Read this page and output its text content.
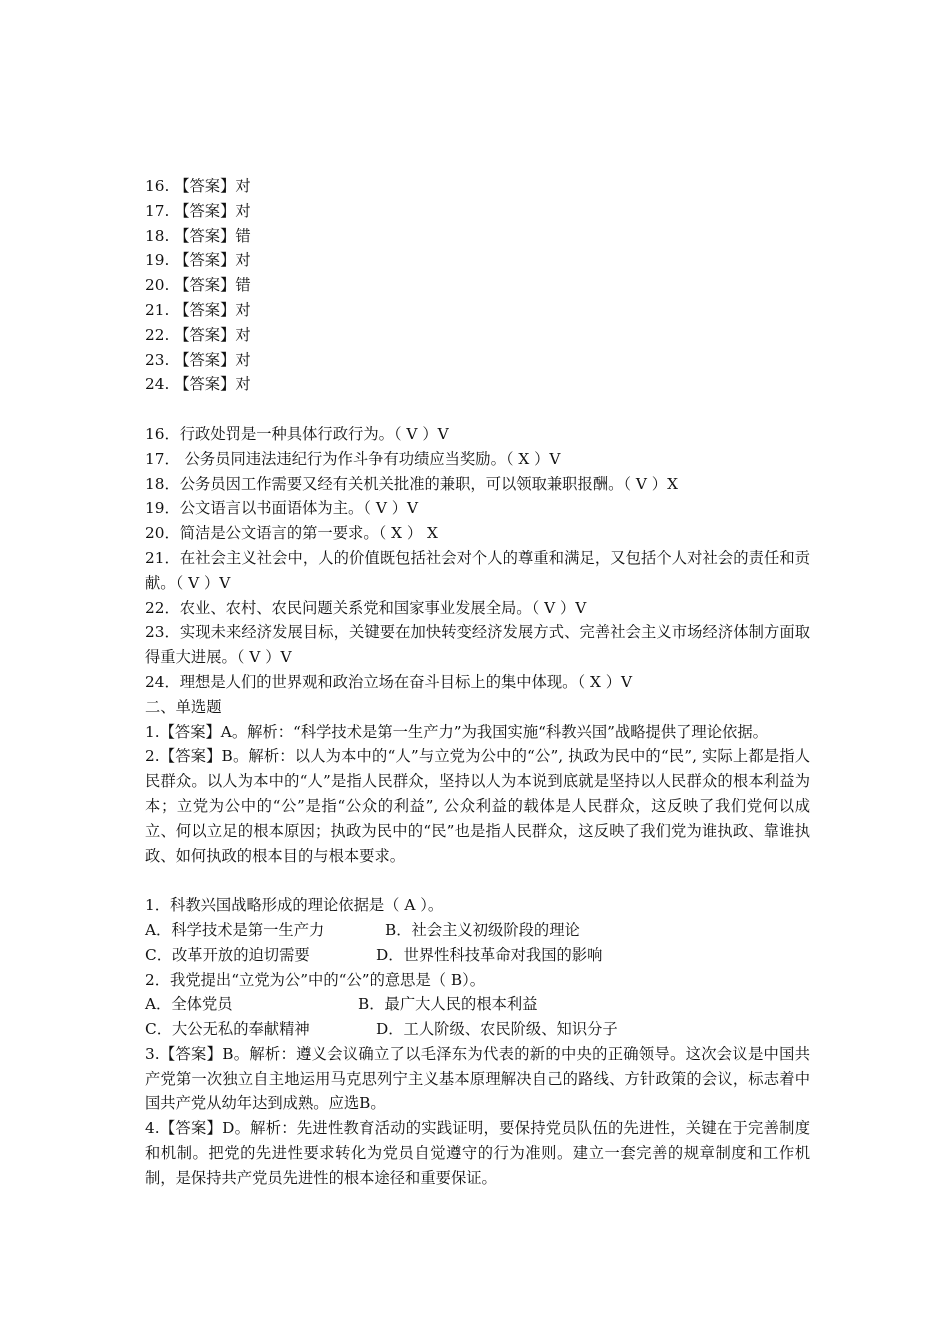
16. 【答案】对
17. 【答案】对
18. 【答案】错
19. 【答案】对
20. 【答案】错
21. 【答案】对
22. 【答案】对
23. 【答案】对
24. 【答案】对
16．行政处罚是一种具体行政行为。（ V ）V
17． 公务员同违法违纪行为作斗争有功绩应当奖励。（ X ）V
18．公务员因工作需要又经有关机关批准的兼职，可以领取兼职报酬。（ V ）X
19．公文语言以书面语体为主。（ V ）V
20．简洁是公文语言的第一要求。（ X ） X
21．在社会主义社会中，人的价值既包括社会对个人的尊重和满足，又包括个人对社会的责任和贡献。（ V ）V
22．农业、农村、农民问题关系党和国家事业发展全局。（ V ）V
23．实现未来经济发展目标，关键要在加快转变经济发展方式、完善社会主义市场经济体制方面取得重大进展。（ V ）V
24．理想是人们的世界观和政治立场在奋斗目标上的集中体现。（ X ）V
二、单选题
1.【答案】A。解析：“科学技术是第一生产力”为我国实施“科教兴国”战略提供了理论依据。
2.【答案】B。解析：以人为本中的“人”与立党为公中的“公”, 执政为民中的“民”, 实际上都是指人民群众。以人为本中的“人”是指人民群众，坚持以人为本说到底就是坚持以人民群众的根本利益为本；立党为公中的“公”是指“公众的利益”, 公众利益的载体是人民群众，这反映了我们党何以成立、何以立足的根本原因；执政为民中的“民”也是指人民群众，这反映了我们党为谁执政、靠谁执政、如何执政的根本目的与根本要求。
1．科教兴国战略形成的理论依据是（ A ）。
A．科学技术是第一生产力	B．社会主义初级阶段的理论
C．改革开放的迫切需要	D．世界性科技革命对我国的影响
2．我党提出“立党为公”中的“公”的意思是（ B）。
A．全体党员	B．最广大人民的根本利益
C．大公无私的奉献精神	D．工人阶级、农民阶级、知识分子
3.【答案】B。解析：遵义会议确立了以毛泽东为代表的新的中央的正确领导。这次会议是中国共产党第一次独立自主地运用马克思列宁主义基本原理解决自己的路线、方针政策的会议，标志着中国共产党从幼年达到成熟。应选B。
4.【答案】D。解析：先进性教育活动的实践证明，要保持党员队伍的先进性，关键在于完善制度和机制。把党的先进性要求转化为党员自觉遵守的行为准则。建立一套完善的规章制度和工作机制，是保持共产党员先进性的根本途径和重要保证。
